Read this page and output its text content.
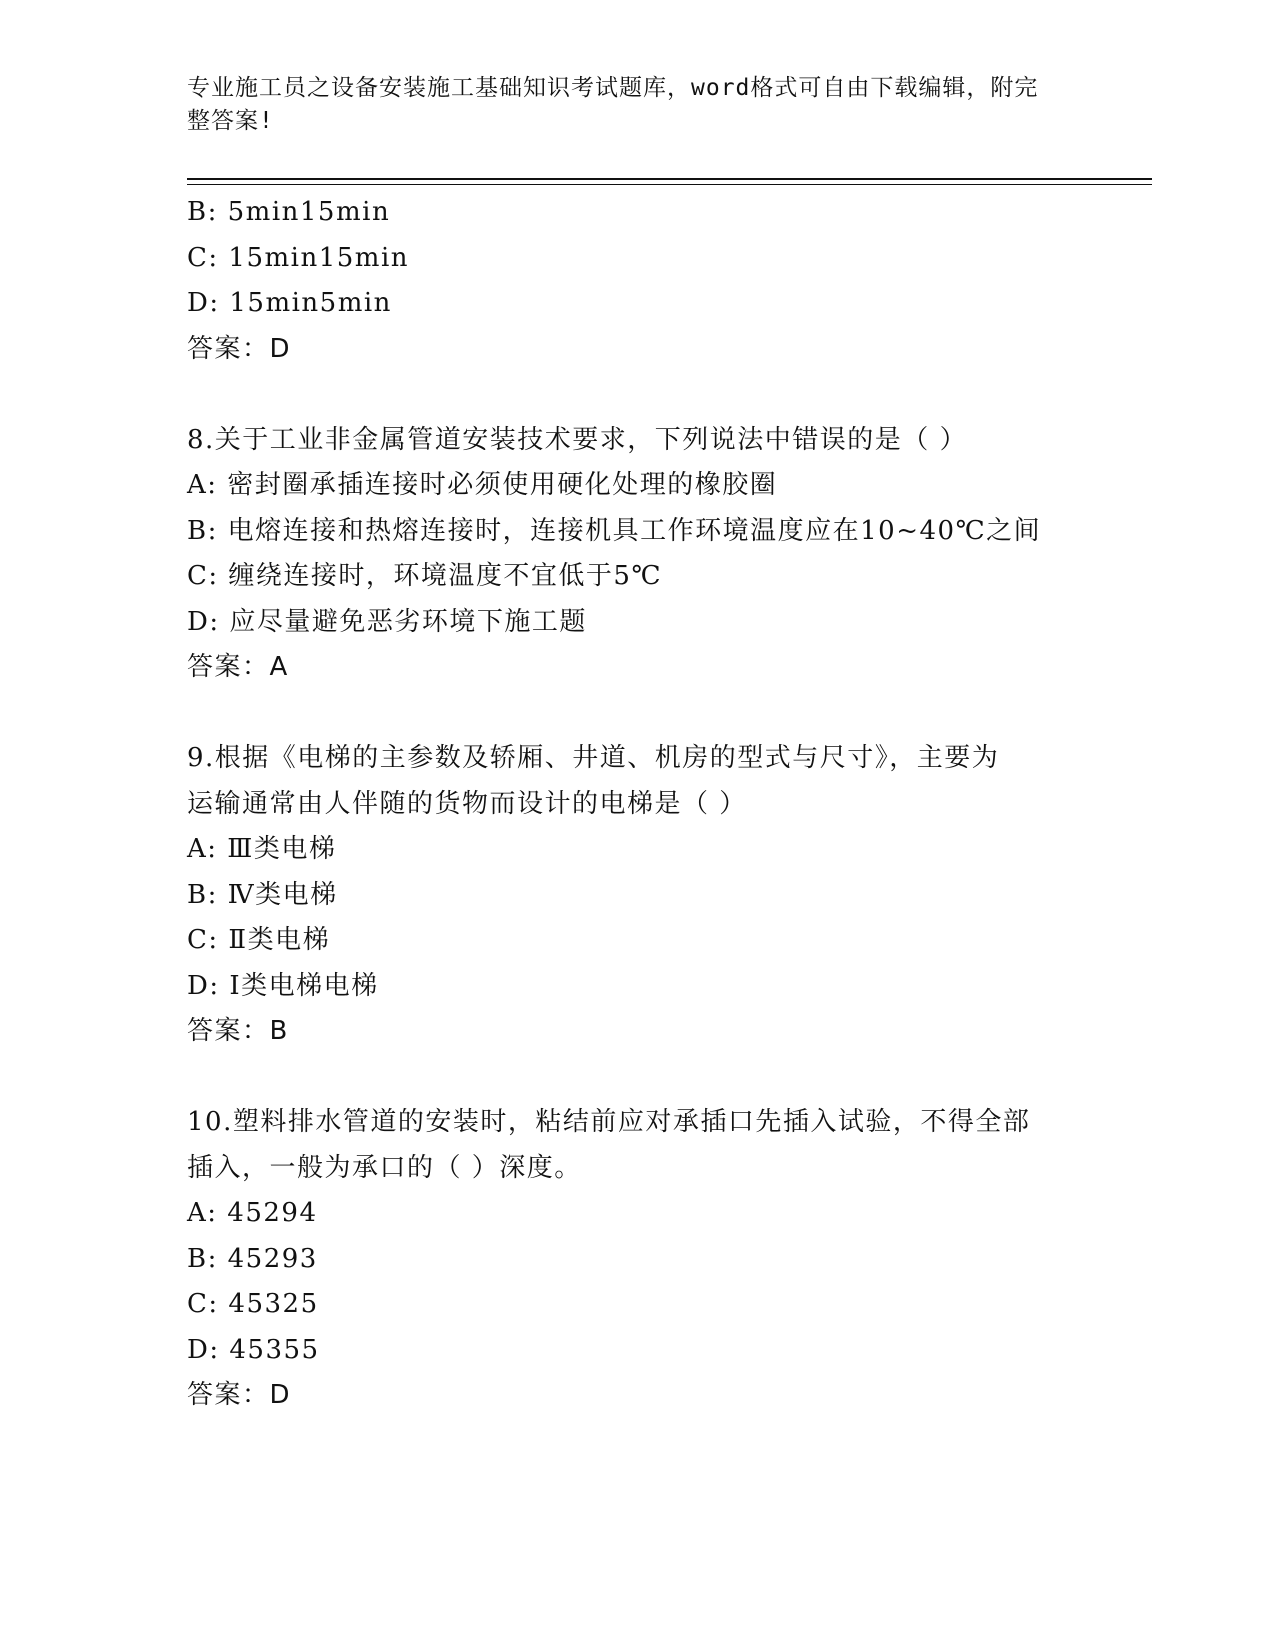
专业施工员之设备安装施工基础知识考试题库，word格式可自由下载编辑，附完
整答案!
B: 5min15min
C: 15min15min
D: 15min5min
答案：D
8.关于工业非金属管道安装技术要求，下列说法中错误的是（ ）
A: 密封圈承插连接时必须使用硬化处理的橡胶圈
B: 电熔连接和热熔连接时，连接机具工作环境温度应在10~40℃之间
C: 缠绕连接时，环境温度不宜低于5℃
D: 应尽量避免恶劣环境下施工题
答案：A
9.根据《电梯的主参数及轿厢、井道、机房的型式与尺寸》，主要为
运输通常由人伴随的货物而设计的电梯是（ ）
A: Ⅲ类电梯
B: Ⅳ类电梯
C: Ⅱ类电梯
D: Ⅰ类电梯电梯
答案：B
10.塑料排水管道的安装时，粘结前应对承插口先插入试验，不得全部
插入，一般为承口的（ ）深度。
A: 45294
B: 45293
C: 45325
D: 45355
答案：D
